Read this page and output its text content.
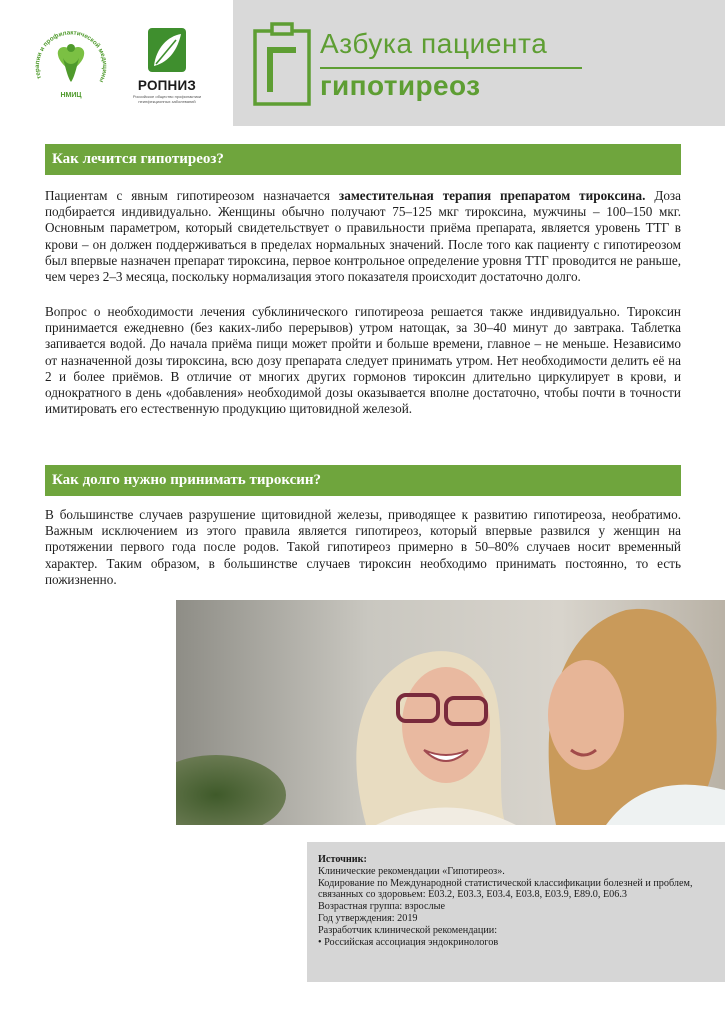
терапии и профилактической медицины
НМИЦ
РОПНИЗ
Российское общество профилактики неинфекционных заболеваний
Азбука пациента
гипотиреоз
Как лечится гипотиреоз?

Пациентам с явным гипотиреозом назначается заместительная терапия препаратом тироксина. Доза подбирается индивидуально. Женщины обычно получают 75–125 мкг тироксина, мужчины – 100–150 мкг. Основным параметром, который свидетельствует о правильности приёма препарата, является уровень ТТГ в крови – он должен поддерживаться в пределах нормальных значений. После того как пациенту с гипотиреозом был впервые назначен препарат тироксина, первое контрольное определение уровня ТТГ проводится не раньше, чем через 2–3 месяца, поскольку нормализация этого показателя происходит достаточно долго.

Вопрос о необходимости лечения субклинического гипотиреоза решается также индивидуально. Тироксин принимается ежедневно (без каких-либо перерывов) утром натощак, за 30–40 минут до завтрака. Таблетка запивается водой. До начала приёма пищи может пройти и больше времени, главное – не меньше. Независимо от назначенной дозы тироксина, всю дозу препарата следует принимать утром. Нет необходимости делить её на 2 и более приёмов. В отличие от многих других гормонов тироксин длительно циркулирует в крови, и однократного в день «добавления» необходимой дозы оказывается вполне достаточно, чтобы почти в точности имитировать его естественную продукцию щитовидной железой.

Как долго нужно принимать тироксин?

В большинстве случаев разрушение щитовидной железы, приводящее к развитию гипотиреоза, необратимо. Важным исключением из этого правила является гипотиреоз, который впервые развился у женщин на протяжении первого года после родов. Такой гипотиреоз примерно в 50–80% случаев носит временный характер. Таким образом, в большинстве случаев тироксин необходимо принимать постоянно, то есть пожизненно.

Источник:
Клинические рекомендации «Гипотиреоз».
Кодирование по Международной статистической классификации болезней и проблем, связанных со здоровьем: E03.2, E03.3, E03.4, E03.8, E03.9, E89.0, E06.3
Возрастная группа: взрослые
Год утверждения: 2019
Разработчик клинической рекомендации:
• Российская ассоциация эндокринологов
